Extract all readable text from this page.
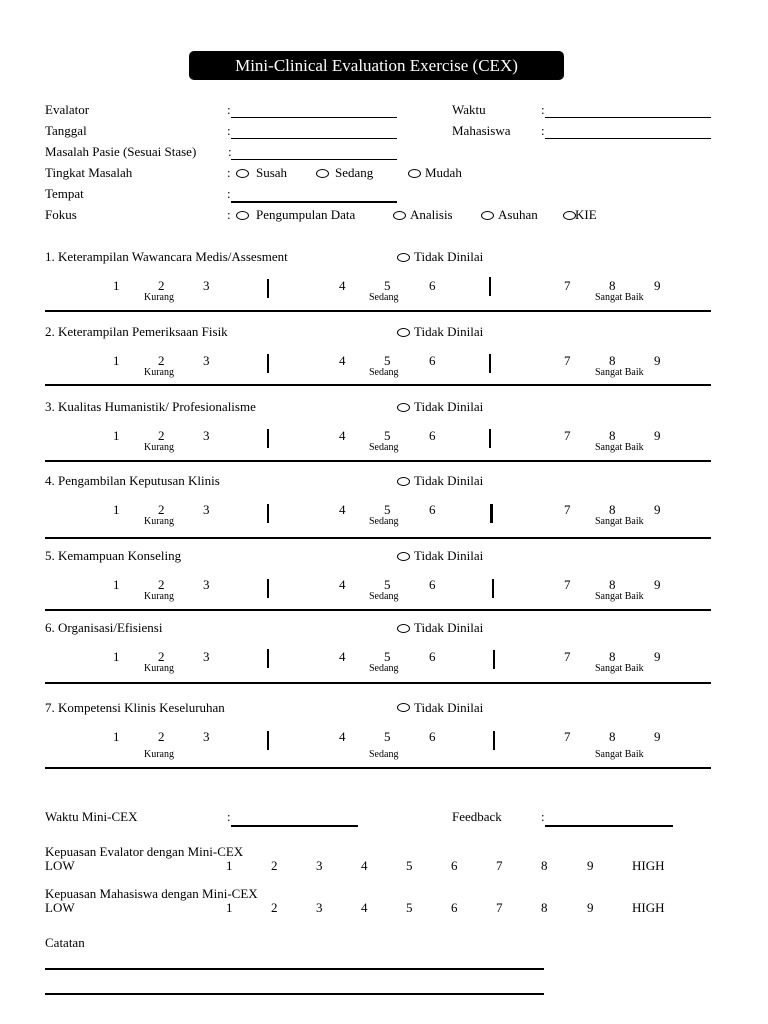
Mini-Clinical Evaluation Exercise (CEX)
Evalator	:
Tanggal	:
Masalah Pasie (Sesuai Stase) :
Tingkat Masalah	: Susah	Sedang	Mudah
Tempat	:
Fokus	: Pengumpulan Data	Analisis	Asuhan	KIE
Waktu	:
Mahasiswa :
1. Keterampilan Wawancara Medis/Assesment	Tidak Dinilai
1	2	3	4	5	6	7	8	9
Kurang	Sedang	Sangat Baik
2. Keterampilan Pemeriksaan Fisik	Tidak Dinilai
1	2	3	4	5	6	7	8	9
Kurang	Sedang	Sangat Baik
3. Kualitas Humanistik/ Profesionalisme	Tidak Dinilai
1	2	3	4	5	6	7	8	9
Kurang	Sedang	Sangat Baik
4. Pengambilan Keputusan Klinis	Tidak Dinilai
1	2	3	4	5	6	7	8	9
Kurang	Sedang	Sangat Baik
5. Kemampuan Konseling	Tidak Dinilai
1	2	3	4	5	6	7	8	9
Kurang	Sedang	Sangat Baik
6. Organisasi/Efisiensi	Tidak Dinilai
1	2	3	4	5	6	7	8	9
Kurang	Sedang	Sangat Baik
7. Kompetensi Klinis Keseluruhan	Tidak Dinilai
1	2	3	4	5	6	7	8	9
Kurang	Sedang	Sangat Baik
Waktu Mini-CEX	:	Feedback	:
Kepuasan Evalator dengan Mini-CEX
LOW	1	2	3	4	5	6	7	8	9	HIGH
Kepuasan Mahasiswa dengan Mini-CEX
LOW	1	2	3	4	5	6	7	8	9	HIGH
Catatan
